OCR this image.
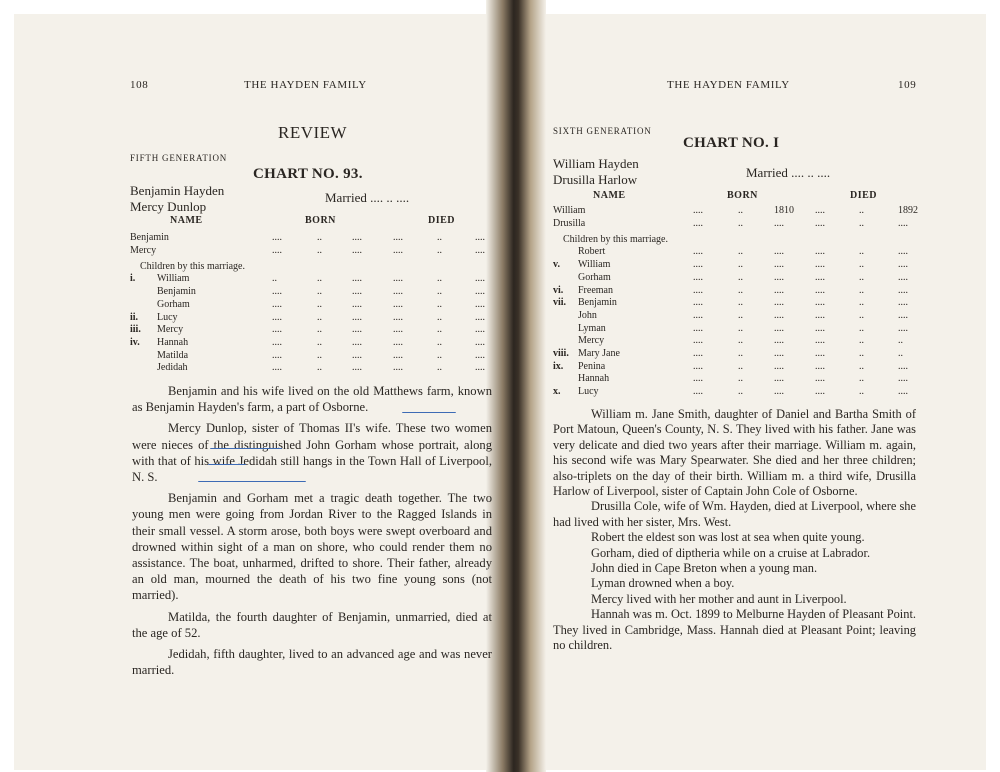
108	THE HAYDEN FAMILY
REVIEW
FIFTH GENERATION
CHART NO. 93.
Benjamin Hayden
Mercy Dunlop
Married .... .. ....
NAME	BORN	DIED
Benjamin	....	..	....	....	..	....
Mercy	....	..	....	....	..	....
i. William	..	..	....	....	..	....
Benjamin	....	..	....	....	..	....
Gorham	....	..	....	....	..	....
ii. Lucy	....	..	....	....	..	....
iii. Mercy	....	..	....	....	..	....
iv. Hannah	....	..	....	....	..	....
Matilda	....	..	....	....	..	....
Jedidah	....	..	....	....	..	....
Children by this marriage.

Benjamin and his wife lived on the old Matthews farm, known as Benjamin Hayden's farm, a part of Osborne.

Mercy Dunlop, sister of Thomas II's wife. These two women were nieces of the distinguished John Gorham whose portrait, along with that of his wife Jedidah still hangs in the Town Hall of Liverpool, N. S.

Benjamin and Gorham met a tragic death together. The two young men were going from Jordan River to the Ragged Islands in their small vessel. A storm arose, both boys were swept overboard and drowned within sight of a man on shore, who could render them no assistance. The boat, unharmed, drifted to shore. Their father, already an old man, mourned the death of his two fine young sons (not married).

Matilda, the fourth daughter of Benjamin, unmarried, died at the age of 52.

Jedidah, fifth daughter, lived to an advanced age and was never married.

THE HAYDEN FAMILY	109
SIXTH GENERATION
CHART NO. I
William Hayden
Drusilla Harlow	Married .... .. ....
NAME	BORN	DIED
William	....	..	1810 ....	..	1892
Drusilla	....	..	....	....	..	....
Robert	....	..	....	....	..	....
v. William	....	..	....	....	..	....
Gorham	....	..	....	....	..	....
vi. Freeman	....	..	....	....	..	....
vii. Benjamin	....	..	....	....	..	....
John	....	..	....	....	..	....
Lyman	....	..	....	....	..	....
Mercy	....	..	....	....	..	..
viii. Mary Jane	....	..	....	....	..	..
ix. Penina	....	..	....	....	..	....
Hannah	....	..	....	....	..	....
x. Lucy	....	..	....	....	..	....
Children by this marriage.

William m. Jane Smith, daughter of Daniel and Bartha Smith of Port Matoun, Queen's County, N. S. They lived with his father. Jane was very delicate and died two years after their marriage. William m. again, his second wife was Mary Spearwater. She died and her three children; also-triplets on the day of their birth. William m. a third wife, Drusilla Harlow of Liverpool, sister of Captain John Cole of Osborne.

Drusilla Cole, wife of Wm. Hayden, died at Liverpool, where she had lived with her sister, Mrs. West.

Robert the eldest son was lost at sea when quite young.

Gorham, died of diptheria while on a cruise at Labrador.

John died in Cape Breton when a young man.

Lyman drowned when a boy.

Mercy lived with her mother and aunt in Liverpool.

Hannah was m. Oct. 1899 to Melburne Hayden of Pleasant Point. They lived in Cambridge, Mass. Hannah died at Pleasant Point; leaving no children.
